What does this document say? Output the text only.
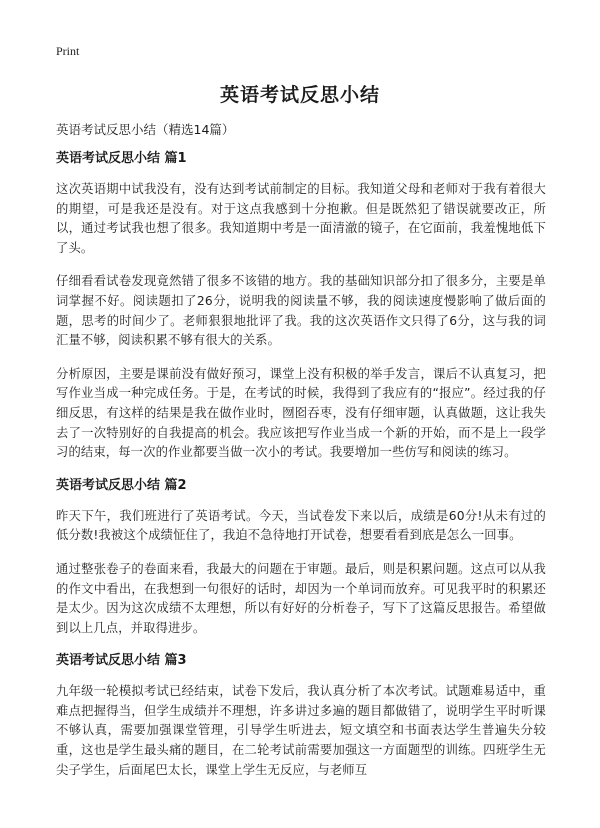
Print
英语考试反思小结
英语考试反思小结（精选14篇）
英语考试反思小结 篇1

这次英语期中试我没有，没有达到考试前制定的目标。我知道父母和老师对于我有着很大的期望，可是我还是没有。对于这点我感到十分抱歉。但是既然犯了错误就要改正，所以，通过考试我也想了很多。我知道期中考是一面清澈的镜子，在它面前，我羞愧地低下了头。

仔细看看试卷发现竟然错了很多不该错的地方。我的基础知识部分扣了很多分，主要是单词掌握不好。阅读题扣了26分，说明我的阅读量不够，我的阅读速度慢影响了做后面的题，思考的时间少了。老师狠狠地批评了我。我的这次英语作文只得了6分，这与我的词汇量不够，阅读积累不够有很大的关系。

分析原因，主要是课前没有做好预习，课堂上没有积极的举手发言，课后不认真复习，把写作业当成一种完成任务。于是，在考试的时候，我得到了我应有的“报应”。经过我的仔细反思，有这样的结果是我在做作业时，囫囵吞枣，没有仔细审题，认真做题，这让我失去了一次特别好的自我提高的机会。我应该把写作业当成一个新的开始，而不是上一段学习的结束，每一次的作业都要当做一次小的考试。我要增加一些仿写和阅读的练习。

英语考试反思小结 篇2

昨天下午，我们班进行了英语考试。今天，当试卷发下来以后，成绩是60分!从未有过的低分数!我被这个成绩怔住了，我迫不急待地打开试卷，想要看看到底是怎么一回事。

通过整张卷子的卷面来看，我最大的问题在于审题。最后，则是积累问题。这点可以从我的作文中看出，在我想到一句很好的话时，却因为一个单词而放弃。可见我平时的积累还是太少。因为这次成绩不太理想，所以有好好的分析卷子，写下了这篇反思报告。希望做到以上几点，并取得进步。

英语考试反思小结 篇3

九年级一轮模拟考试已经结束，试卷下发后，我认真分析了本次考试。试题难易适中，重难点把握得当，但学生成绩并不理想，许多讲过多遍的题目都做错了，说明学生平时听课不够认真，需要加强课堂管理，引导学生听进去，短文填空和书面表达学生普遍失分较重，这也是学生最头痛的题目，在二轮考试前需要加强这一方面题型的训练。四班学生无尖子学生，后面尾巴太长，课堂上学生无反应，与老师互
